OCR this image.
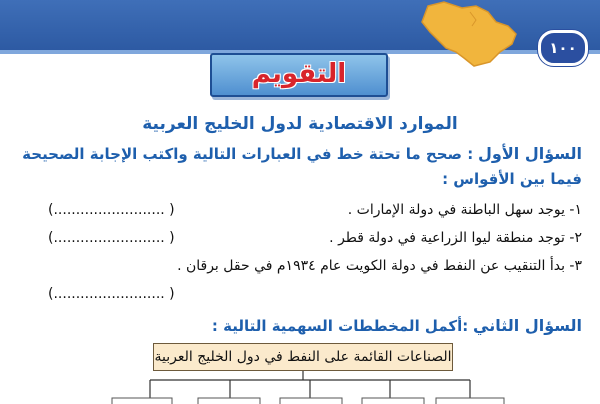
١٠٠
التقويم
الموارد الاقتصادية لدول الخليج العربية
السؤال الأول : صحح ما تحتة خط في العبارات التالية واكتب الإجابة الصحيحة
فيما بين الأقواس :
١- يوجد سهل الباطنة في دولة الإمارات .
(......................... )
٢- توجد منطقة ليوا الزراعية في دولة قطر .
(......................... )
٣- بدأ التنقيب عن النفط في دولة الكويت عام ١٩٣٤م في حقل برقان .
(......................... )
السؤال الثاني :أكمل المخططات السهمية التالية :
الصناعات القائمة على النفط في دول الخليج العربية
